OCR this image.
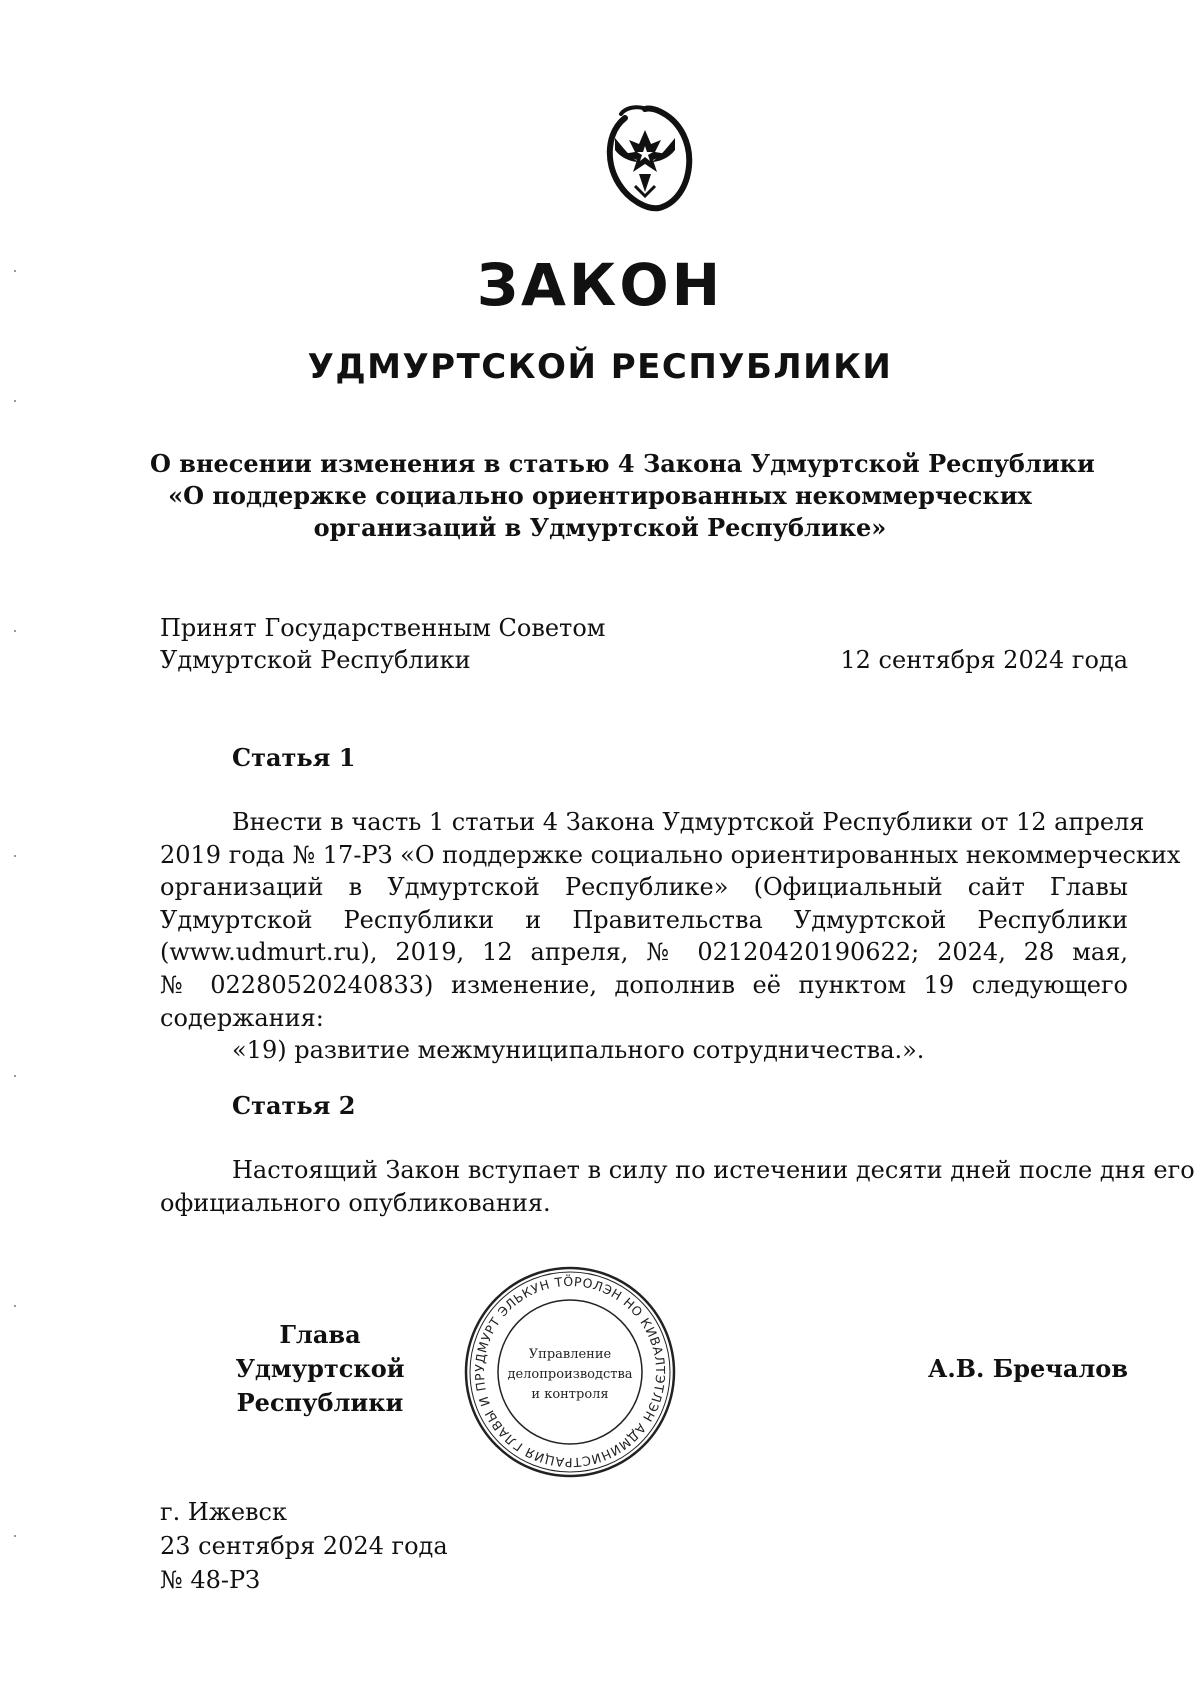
ЗАКОН
УДМУРТСКОЙ РЕСПУБЛИКИ
О внесении изменения в статью 4 Закона Удмуртской Республики
«О поддержке социально ориентированных некоммерческих
организаций в Удмуртской Республике»
Принят Государственным Советом
Удмуртской Республики	12 сентября 2024 года
Статья 1
Внести в часть 1 статьи 4 Закона Удмуртской Республики от 12 апреля
2019 года № 17-РЗ «О поддержке социально ориентированных некоммерческих
организаций в Удмуртской Республике» (Официальный сайт Главы
Удмуртской Республики и Правительства Удмуртской Республики
(www.udmurt.ru), 2019, 12 апреля, № 02120420190622; 2024, 28 мая,
№ 02280520240833) изменение, дополнив её пунктом 19 следующего
содержания:
«19) развитие межмуниципального сотрудничества.».
Статья 2
Настоящий Закон вступает в силу по истечении десяти дней после дня его
официального опубликования.
Глава
Удмуртской Республики
УДМУРТ ЭЛЬКУН ТӦРОЛЭН НО КИВАЛТЭТЛЭН АДМИНИСТРАЦИЯ ГЛАВЫ И ПР
Управление
делопроизводства
и контроля
А.В. Бречалов
г. Ижевск
23 сентября 2024 года
№ 48-РЗ
